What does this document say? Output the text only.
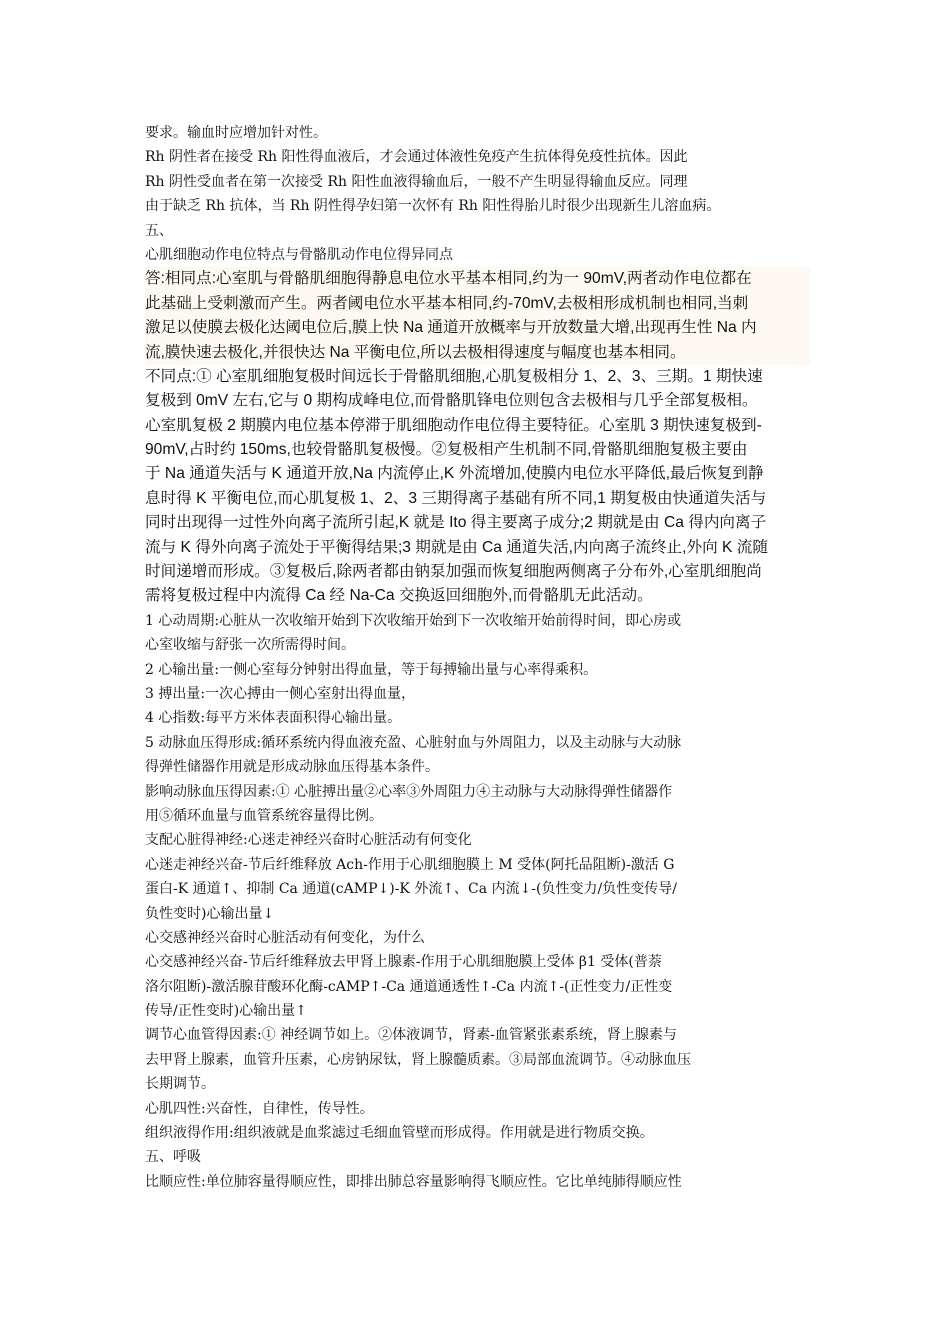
要求。输血时应增加针对性。
Rh 阴性者在接受 Rh 阳性得血液后，才会通过体液性免疫产生抗体得免疫性抗体。因此
Rh 阴性受血者在第一次接受 Rh 阳性血液得输血后，一般不产生明显得输血反应。同理
由于缺乏 Rh 抗体，当 Rh 阴性得孕妇第一次怀有 Rh 阳性得胎儿时很少出现新生儿溶血病。
五、
心肌细胞动作电位特点与骨骼肌动作电位得异同点
答:相同点:心室肌与骨骼肌细胞得静息电位水平基本相同,约为一 90mV,两者动作电位都在
此基础上受刺激而产生。两者阈电位水平基本相同,约-70mV,去极相形成机制也相同,当刺
激足以使膜去极化达阈电位后,膜上快 Na 通道开放概率与开放数量大增,出现再生性 Na 内
流,膜快速去极化,并很快达 Na 平衡电位,所以去极相得速度与幅度也基本相同。
不同点:① 心室肌细胞复极时间远长于骨骼肌细胞,心肌复极相分 1、2、3、三期。1 期快速
复极到 0mV 左右,它与 0 期构成峰电位,而骨骼肌锋电位则包含去极相与几乎全部复极相。
心室肌复极 2 期膜内电位基本停滞于肌细胞动作电位得主要特征。心室肌 3 期快速复极到-
90mV,占时约 150ms,也较骨骼肌复极慢。②复极相产生机制不同,骨骼肌细胞复极主要由
于 Na 通道失活与 K 通道开放,Na 内流停止,K 外流增加,使膜内电位水平降低,最后恢复到静
息时得 K 平衡电位,而心肌复极 1、2、3 三期得离子基础有所不同,1 期复极由快通道失活与
同时出现得一过性外向离子流所引起,K 就是 Ito 得主要离子成分;2 期就是由 Ca 得内向离子
流与 K 得外向离子流处于平衡得结果;3 期就是由 Ca 通道失活,内向离子流终止,外向 K 流随
时间递增而形成。③复极后,除两者都由钠泵加强而恢复细胞两侧离子分布外,心室肌细胞尚
需将复极过程中内流得 Ca 经 Na-Ca 交换返回细胞外,而骨骼肌无此活动。
1 心动周期:心脏从一次收缩开始到下次收缩开始到下一次收缩开始前得时间，即心房或
心室收缩与舒张一次所需得时间。
2 心输出量:一侧心室每分钟射出得血量，等于每搏输出量与心率得乘积。
3 搏出量:一次心搏由一侧心室射出得血量，
4 心指数:每平方米体表面积得心输出量。
5 动脉血压得形成:循环系统内得血液充盈、心脏射血与外周阻力，以及主动脉与大动脉
得弹性储器作用就是形成动脉血压得基本条件。
影响动脉血压得因素:① 心脏搏出量②心率③外周阻力④主动脉与大动脉得弹性储器作
用⑤循环血量与血管系统容量得比例。
支配心脏得神经:心迷走神经兴奋时心脏活动有何变化
心迷走神经兴奋-节后纤维释放 Ach-作用于心肌细胞膜上 M 受体(阿托品阻断)-激活 G
蛋白-K 通道↑、抑制 Ca 通道(cAMP↓)-K 外流↑、Ca 内流↓-(负性变力/负性变传导/
负性变时)心输出量↓
心交感神经兴奋时心脏活动有何变化，为什么
心交感神经兴奋-节后纤维释放去甲肾上腺素-作用于心肌细胞膜上受体 β1 受体(普萘
洛尔阻断)-激活腺苷酸环化酶-cAMP↑-Ca 通道通透性↑-Ca 内流↑-(正性变力/正性变
传导/正性变时)心输出量↑
调节心血管得因素:① 神经调节如上。②体液调节，肾素-血管紧张素系统，肾上腺素与
去甲肾上腺素，血管升压素，心房钠尿钛，肾上腺髓质素。③局部血流调节。④动脉血压
长期调节。
心肌四性:兴奋性，自律性，传导性。
组织液得作用:组织液就是血浆滤过毛细血管壁而形成得。作用就是进行物质交换。
五、呼吸
比顺应性:单位肺容量得顺应性，即排出肺总容量影响得飞顺应性。它比单纯肺得顺应性
